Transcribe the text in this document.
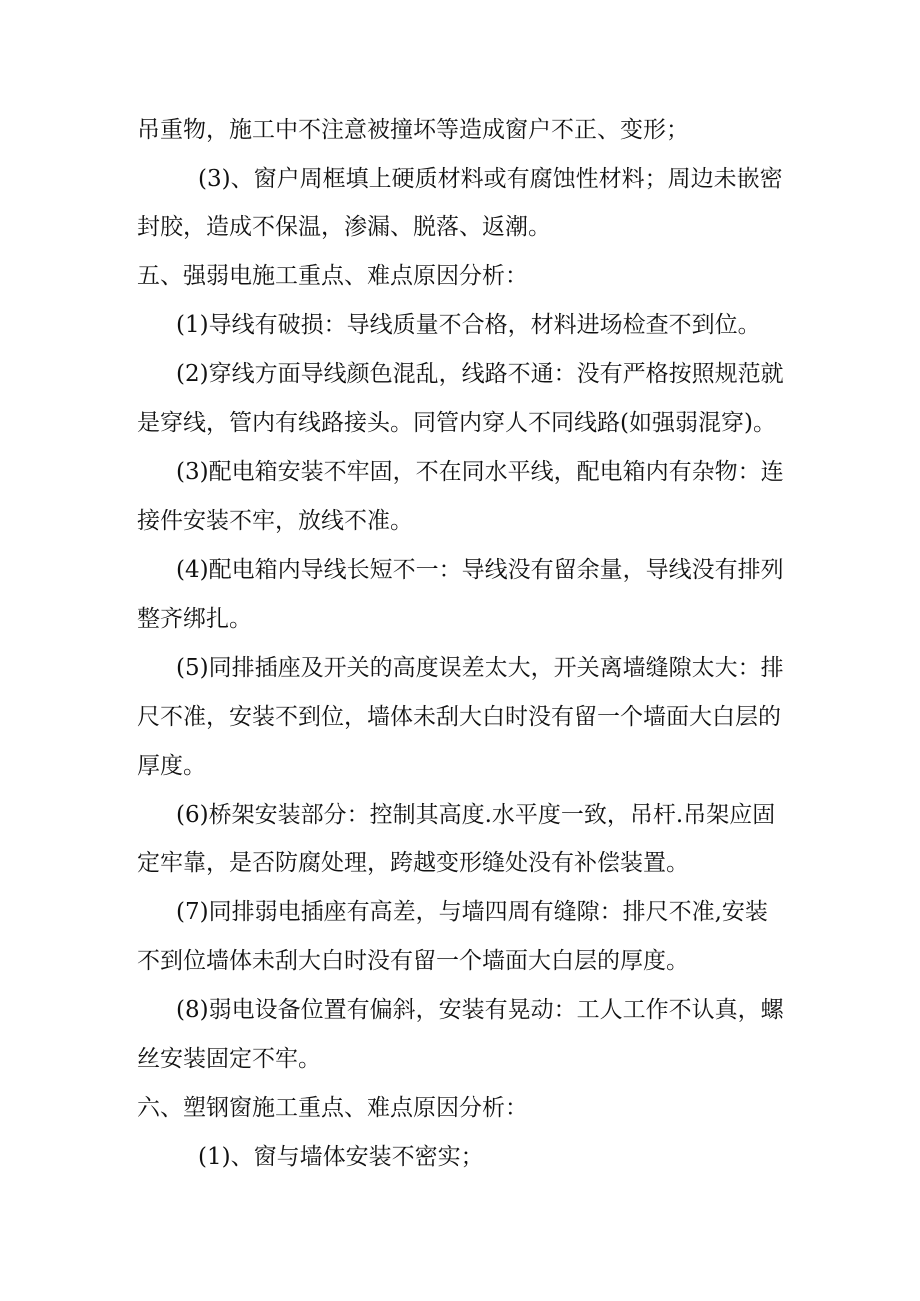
吊重物，施工中不注意被撞坏等造成窗户不正、变形；
(3)、窗户周框填上硬质材料或有腐蚀性材料；周边未嵌密
封胶，造成不保温，渗漏、脱落、返潮。
五、强弱电施工重点、难点原因分析：
(1)导线有破损：导线质量不合格，材料进场检查不到位。
(2)穿线方面导线颜色混乱，线路不通：没有严格按照规范就
是穿线，管内有线路接头。同管内穿人不同线路(如强弱混穿)。
(3)配电箱安装不牢固，不在同水平线，配电箱内有杂物：连
接件安装不牢，放线不准。
(4)配电箱内导线长短不一：导线没有留余量，导线没有排列
整齐绑扎。
(5)同排插座及开关的高度误差太大，开关离墙缝隙太大：排
尺不准，安装不到位，墙体未刮大白时没有留一个墙面大白层的
厚度。
(6)桥架安装部分：控制其高度.水平度一致，吊杆.吊架应固
定牢靠，是否防腐处理，跨越变形缝处没有补偿装置。
(7)同排弱电插座有高差，与墙四周有缝隙：排尺不准,安装
不到位墙体未刮大白时没有留一个墙面大白层的厚度。
(8)弱电设备位置有偏斜，安装有晃动：工人工作不认真，螺
丝安装固定不牢。
六、塑钢窗施工重点、难点原因分析：
(1)、窗与墙体安装不密实；
